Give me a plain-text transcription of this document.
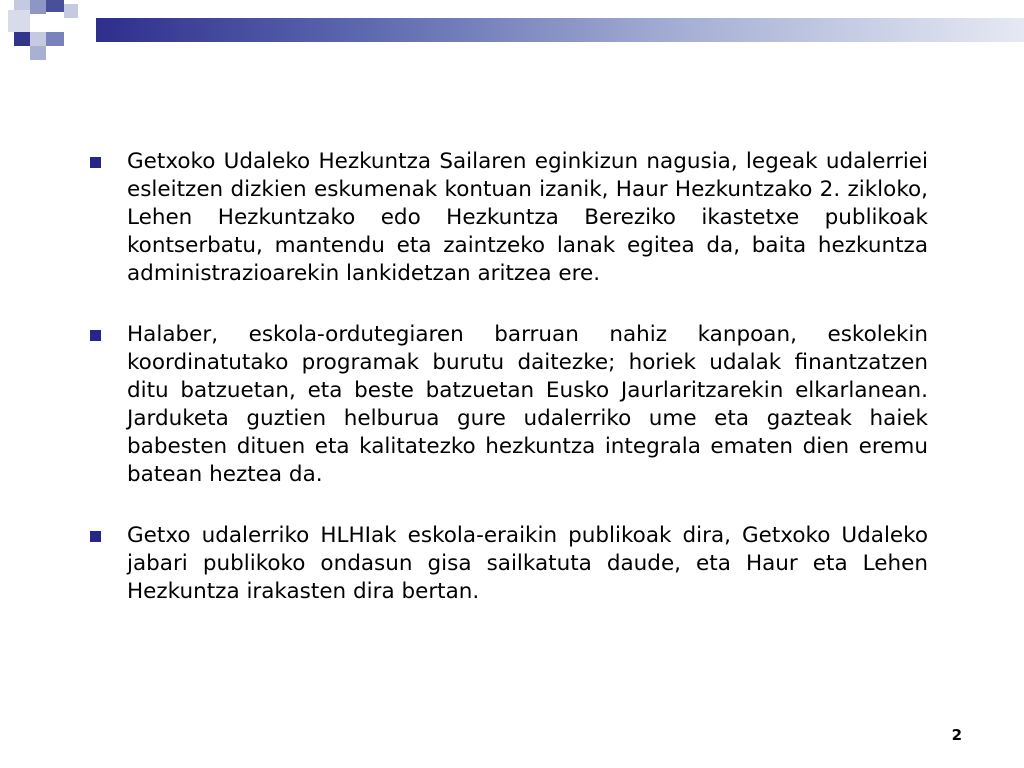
Getxoko Udaleko Hezkuntza Sailaren eginkizun nagusia, legeak udalerriei esleitzen dizkien eskumenak kontuan izanik, Haur Hezkuntzako 2. zikloko, Lehen Hezkuntzako edo Hezkuntza Bereziko ikastetxe publikoak kontserbatu, mantendu eta zaintzeko lanak egitea da, baita hezkuntza administrazioarekin lankidetzan aritzea ere.
Halaber, eskola-ordutegiaren barruan nahiz kanpoan, eskolekin koordinatutako programak burutu daitezke; horiek udalak finantzatzen ditu batzuetan, eta beste batzuetan Eusko Jaurlaritzarekin elkarlanean. Jarduketa guztien helburua gure udalerriko ume eta gazteak haiek babesten dituen eta kalitatezko hezkuntza integrala ematen dien eremu batean heztea da.
Getxo udalerriko HLHIak eskola-eraikin publikoak dira, Getxoko Udaleko jabari publikoko ondasun gisa sailkatuta daude, eta Haur eta Lehen Hezkuntza irakasten dira bertan.
2
